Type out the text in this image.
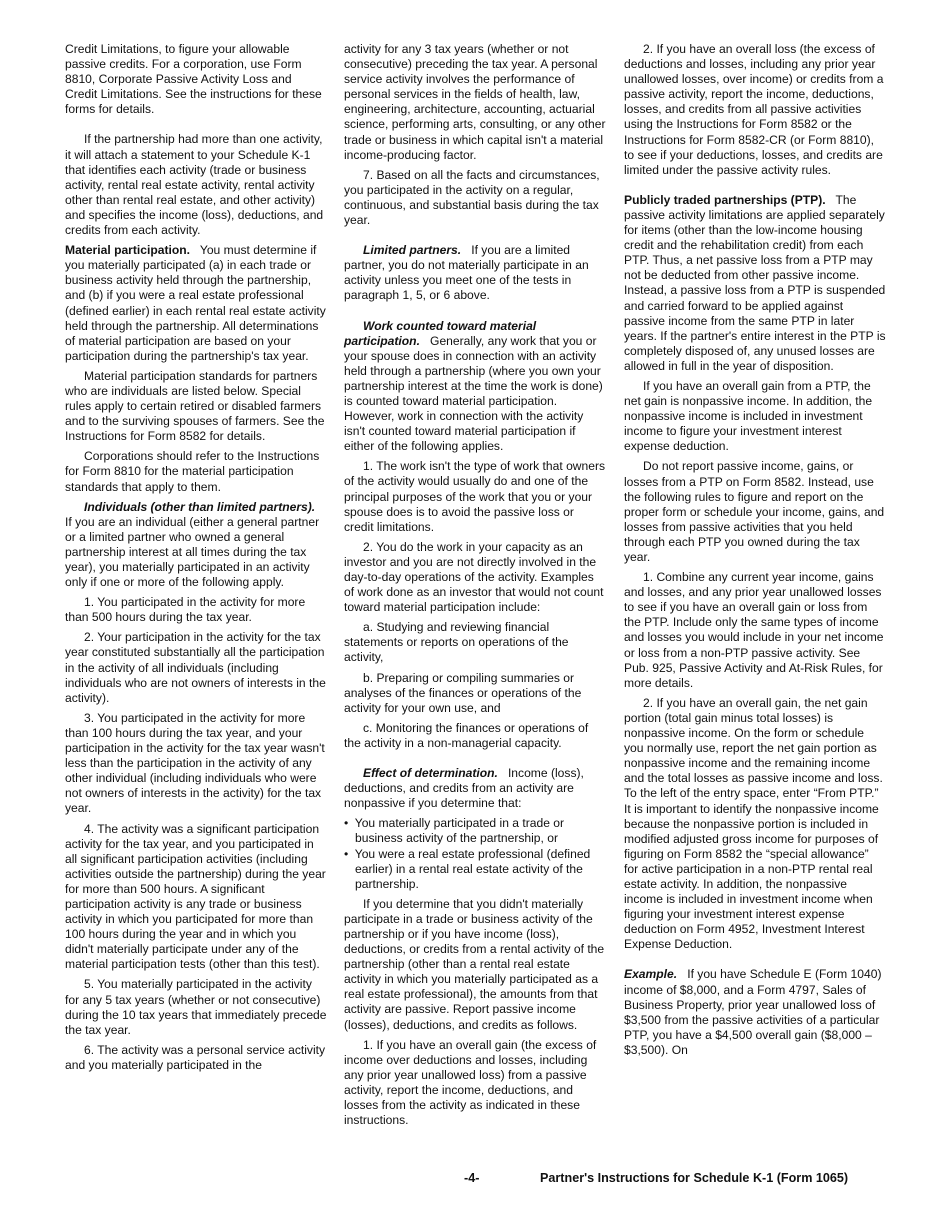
Credit Limitations, to figure your allowable passive credits. For a corporation, use Form 8810, Corporate Passive Activity Loss and Credit Limitations. See the instructions for these forms for details.

If the partnership had more than one activity, it will attach a statement to your Schedule K-1 that identifies each activity (trade or business activity, rental real estate activity, rental activity other than rental real estate, and other activity) and specifies the income (loss), deductions, and credits from each activity.

Material participation. You must determine if you materially participated (a) in each trade or business activity held through the partnership, and (b) if you were a real estate professional (defined earlier) in each rental real estate activity held through the partnership. All determinations of material participation are based on your participation during the partnership's tax year.

Material participation standards for partners who are individuals are listed below. Special rules apply to certain retired or disabled farmers and to the surviving spouses of farmers. See the Instructions for Form 8582 for details.

Corporations should refer to the Instructions for Form 8810 for the material participation standards that apply to them.

Individuals (other than limited partners).   If you are an individual (either a general partner or a limited partner who owned a general partnership interest at all times during the tax year), you materially participated in an activity only if one or more of the following apply.

1. You participated in the activity for more than 500 hours during the tax year.

2. Your participation in the activity for the tax year constituted substantially all the participation in the activity of all individuals (including individuals who are not owners of interests in the activity).

3. You participated in the activity for more than 100 hours during the tax year, and your participation in the activity for the tax year wasn't less than the participation in the activity of any other individual (including individuals who were not owners of interests in the activity) for the tax year.

4. The activity was a significant participation activity for the tax year, and you participated in all significant participation activities (including activities outside the partnership) during the year for more than 500 hours. A significant participation activity is any trade or business activity in which you participated for more than 100 hours during the year and in which you didn't materially participate under any of the material participation tests (other than this test).

5. You materially participated in the activity for any 5 tax years (whether or not consecutive) during the 10 tax years that immediately precede the tax year.

6. The activity was a personal service activity and you materially participated in the

activity for any 3 tax years (whether or not consecutive) preceding the tax year. A personal service activity involves the performance of personal services in the fields of health, law, engineering, architecture, accounting, actuarial science, performing arts, consulting, or any other trade or business in which capital isn't a material income-producing factor.

7. Based on all the facts and circumstances, you participated in the activity on a regular, continuous, and substantial basis during the tax year.

Limited partners. If you are a limited partner, you do not materially participate in an activity unless you meet one of the tests in paragraph 1, 5, or 6 above.

Work counted toward material participation. Generally, any work that you or your spouse does in connection with an activity held through a partnership (where you own your partnership interest at the time the work is done) is counted toward material participation. However, work in connection with the activity isn't counted toward material participation if either of the following applies.

1. The work isn't the type of work that owners of the activity would usually do and one of the principal purposes of the work that you or your spouse does is to avoid the passive loss or credit limitations.

2. You do the work in your capacity as an investor and you are not directly involved in the day-to-day operations of the activity. Examples of work done as an investor that would not count toward material participation include:

a. Studying and reviewing financial statements or reports on operations of the activity,

b. Preparing or compiling summaries or analyses of the finances or operations of the activity for your own use, and

c. Monitoring the finances or operations of the activity in a non-managerial capacity.

Effect of determination. Income (loss), deductions, and credits from an activity are nonpassive if you determine that:

• You materially participated in a trade or business activity of the partnership, or

• You were a real estate professional (defined earlier) in a rental real estate activity of the partnership.

If you determine that you didn't materially participate in a trade or business activity of the partnership or if you have income (loss), deductions, or credits from a rental activity of the partnership (other than a rental real estate activity in which you materially participated as a real estate professional), the amounts from that activity are passive. Report passive income (losses), deductions, and credits as follows.

1. If you have an overall gain (the excess of income over deductions and losses, including any prior year unallowed loss) from a passive activity, report the income, deductions, and losses from the activity as indicated in these instructions.

2. If you have an overall loss (the excess of deductions and losses, including any prior year unallowed losses, over income) or credits from a passive activity, report the income, deductions, losses, and credits from all passive activities using the Instructions for Form 8582 or the Instructions for Form 8582-CR (or Form 8810), to see if your deductions, losses, and credits are limited under the passive activity rules.

Publicly traded partnerships (PTP). The passive activity limitations are applied separately for items (other than the low-income housing credit and the rehabilitation credit) from each PTP. Thus, a net passive loss from a PTP may not be deducted from other passive income. Instead, a passive loss from a PTP is suspended and carried forward to be applied against passive income from the same PTP in later years. If the partner's entire interest in the PTP is completely disposed of, any unused losses are allowed in full in the year of disposition.

If you have an overall gain from a PTP, the net gain is nonpassive income. In addition, the nonpassive income is included in investment income to figure your investment interest expense deduction.

Do not report passive income, gains, or losses from a PTP on Form 8582. Instead, use the following rules to figure and report on the proper form or schedule your income, gains, and losses from passive activities that you held through each PTP you owned during the tax year.

1. Combine any current year income, gains and losses, and any prior year unallowed losses to see if you have an overall gain or loss from the PTP. Include only the same types of income and losses you would include in your net income or loss from a non-PTP passive activity. See Pub. 925, Passive Activity and At-Risk Rules, for more details.

2. If you have an overall gain, the net gain portion (total gain minus total losses) is nonpassive income. On the form or schedule you normally use, report the net gain portion as nonpassive income and the remaining income and the total losses as passive income and loss. To the left of the entry space, enter “From PTP.” It is important to identify the nonpassive income because the nonpassive portion is included in modified adjusted gross income for purposes of figuring on Form 8582 the “special allowance” for active participation in a non-PTP rental real estate activity. In addition, the nonpassive income is included in investment income when figuring your investment interest expense deduction on Form 4952, Investment Interest Expense Deduction.

Example. If you have Schedule E (Form 1040) income of $8,000, and a Form 4797, Sales of Business Property, prior year unallowed loss of $3,500 from the passive activities of a particular PTP, you have a $4,500 overall gain ($8,000 – $3,500). On

-4-	Partner's Instructions for Schedule K-1 (Form 1065)
